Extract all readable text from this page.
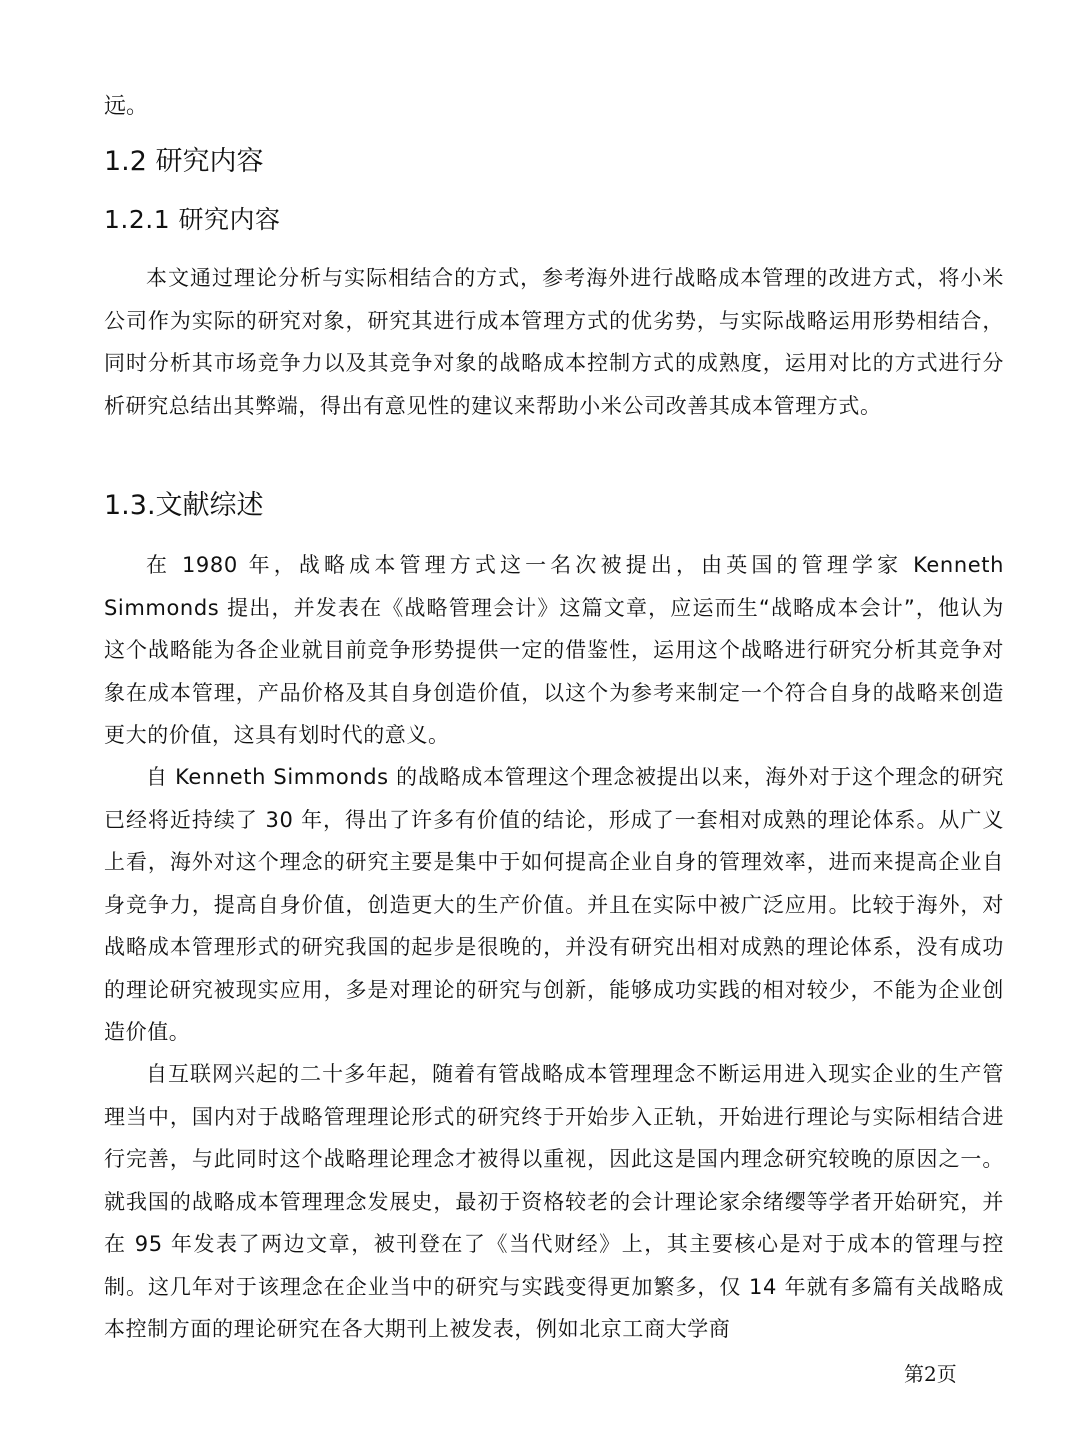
远。

1.2 研究内容
1.2.1 研究内容

本文通过理论分析与实际相结合的方式，参考海外进行战略成本管理的改进方式，将小米公司作为实际的研究对象，研究其进行成本管理方式的优劣势，与实际战略运用形势相结合，同时分析其市场竞争力以及其竞争对象的战略成本控制方式的成熟度，运用对比的方式进行分析研究总结出其弊端，得出有意见性的建议来帮助小米公司改善其成本管理方式。

1.3.文献综述

在 1980 年，战略成本管理方式这一名次被提出，由英国的管理学家 Kenneth Simmonds 提出，并发表在《战略管理会计》这篇文章，应运而生“战略成本会计”，他认为这个战略能为各企业就目前竞争形势提供一定的借鉴性，运用这个战略进行研究分析其竞争对象在成本管理，产品价格及其自身创造价值，以这个为参考来制定一个符合自身的战略来创造更大的价值，这具有划时代的意义。

自 Kenneth Simmonds 的战略成本管理这个理念被提出以来，海外对于这个理念的研究已经将近持续了 30 年，得出了许多有价值的结论，形成了一套相对成熟的理论体系。从广义上看，海外对这个理念的研究主要是集中于如何提高企业自身的管理效率，进而来提高企业自身竞争力，提高自身价值，创造更大的生产价值。并且在实际中被广泛应用。比较于海外，对战略成本管理形式的研究我国的起步是很晚的，并没有研究出相对成熟的理论体系，没有成功的理论研究被现实应用，多是对理论的研究与创新，能够成功实践的相对较少，不能为企业创造价值。

自互联网兴起的二十多年起，随着有管战略成本管理理念不断运用进入现实企业的生产管理当中，国内对于战略管理理论形式的研究终于开始步入正轨，开始进行理论与实际相结合进行完善，与此同时这个战略理论理念才被得以重视，因此这是国内理念研究较晚的原因之一。就我国的战略成本管理理念发展史，最初于资格较老的会计理论家余绪缨等学者开始研究，并在 95 年发表了两边文章，被刊登在了《当代财经》上，其主要核心是对于成本的管理与控制。这几年对于该理念在企业当中的研究与实践变得更加繁多，仅 14 年就有多篇有关战略成本控制方面的理论研究在各大期刊上被发表，例如北京工商大学商

第2页
